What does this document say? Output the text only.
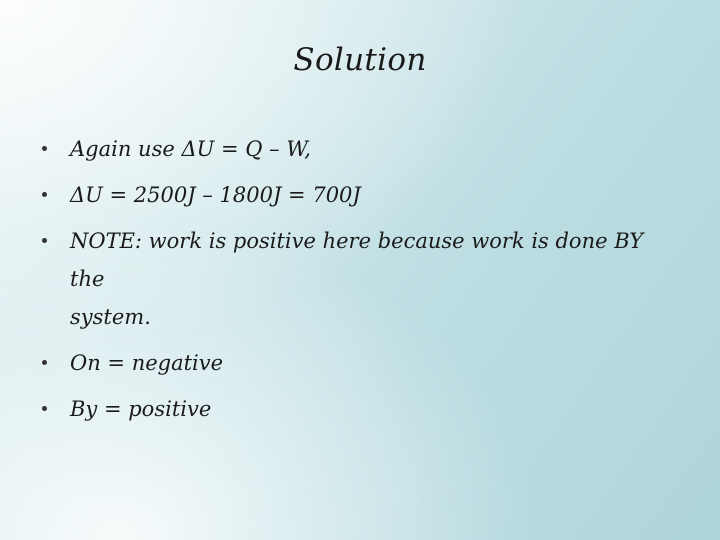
Solution
Again use ΔU = Q – W,
ΔU = 2500J – 1800J = 700J
NOTE: work is positive here because work is done BY the
system.
On = negative
By = positive
